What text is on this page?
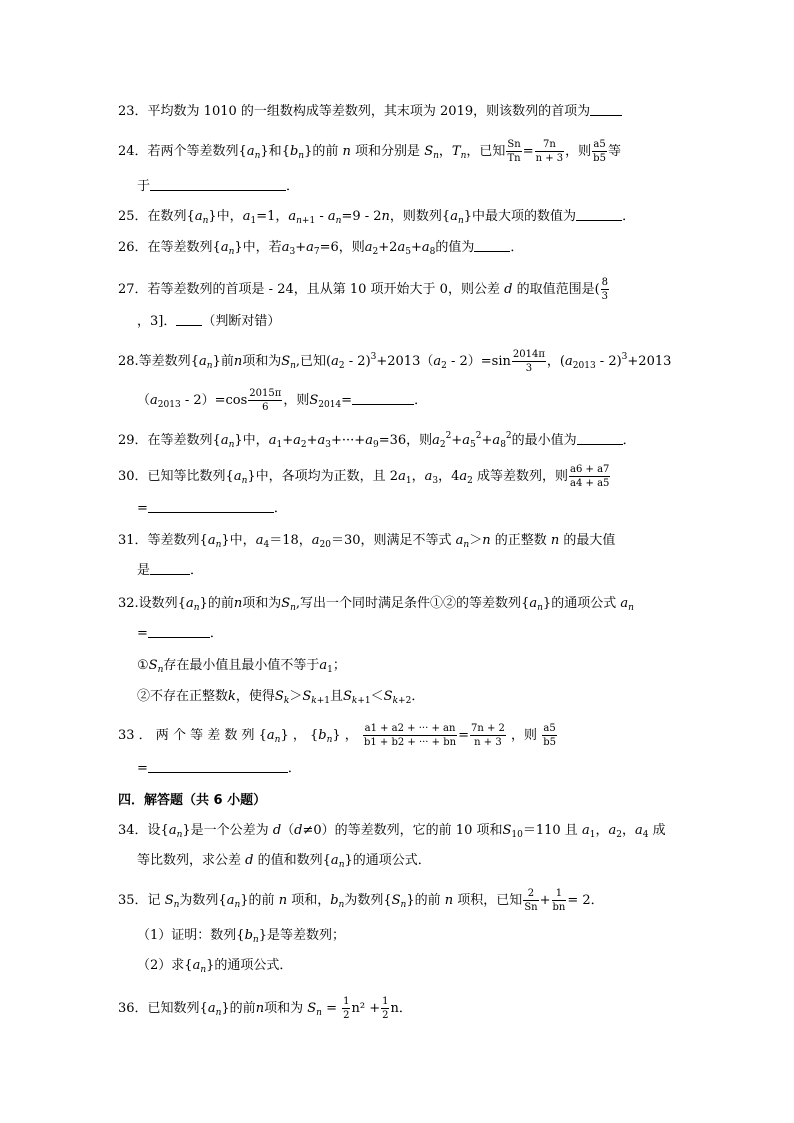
23．平均数为 1010 的一组数构成等差数列，其末项为 2019，则该数列的首项为
24．若两个等差数列$\{a_n\}$和$\{b_n\}$的前 n 项和分别是 $S_n$，$T_n$，已知 $\frac{Sn}{Tn} = \frac{7n}{n + 3}$ ，则 $\frac{a5}{b5}$ 等
于	．
25．在数列$\{a_n\}$中，$a_1=1$，$a_{n+1} - a_n=9 - 2n$，则数列$\{a_n\}$中最大项的数值为	．
26．在等差数列$\{a_n\}$中，若$a_3+a_7=6$，则$a_2+2a_5+a_8$的值为	．
27．若等差数列的首项是 - 24，且从第 10 项开始大于 0，则公差 d 的取值范围是( $\frac{8}{3}$
，3]． （判断对错）
28.等差数列$\{a_n\}$前n项和为$S_n$,已知$(a_2 - 2)^3+2013(a_2 - 2)=\sin \frac{2014\pi}{3}$ ，$(a_{2013} - 2)^3+2013$
$(a_{2013} - 2)=\cos \frac{2015\pi}{6}$ ，则$S_{2014}=$	．
29．在等差数列$\{a_n\}$中，$a_1+a_2+a_3+\cdot\cdot\cdot+a_9=36$，则$a_2^2+a_5^2+a_8^2$的最小值为	．
30．已知等比数列$\{a_n\}$中，各项均为正数，且 $2a_1$，$a_3$，$4a_2$ 成等差数列，则 $\frac{a6 + a7}{a4 + a5}$
=	．
31．等差数列$\{a_n\}$中，$a_4=18$，$a_{20}=30$，则满足不等式 $a_n>n$ 的正整数 n 的最大值
是	．
32.设数列$\{a_n\}$的前n项和为$S_n$,写出一个同时满足条件①②的等差数列$\{a_n\}$的通项公式 $a_n$
=	．
$①S_n$存在最小值且最小值不等于$a_1$；
②不存在正整数k，使得$S_k>S_{k+1}$且$S_{k+1}<S_{k+2}$．
33 ． 两 个 等 差 数 列 $\{a_n\}$ ， $\{b_n\}$ ， $\frac{a1 + a2 + \cdot\cdot\cdot + an}{b1 + b2 + \cdot\cdot\cdot + bn} = \frac{7n + 2}{n + 3}$ ，则 $\frac{a5}{b5}$
=	．
四．解答题（共 6 小题）
34．设$\{a_n\}$是一个公差为 d（d≠0）的等差数列，它的前 10 项和$S_{10}=110$ 且 $a_1$，$a_2$，$a_4$ 成
等比数列，求公差 d 的值和数列$\{a_n\}$的通项公式．
35．记 $S_n$为数列$\{a_n\}$的前 n 项和，$b_n$为数列$\{S_n\}$的前 n 项积，已知 $\frac{2}{Sn} + \frac{1}{bn} = 2$．
（1）证明：数列$\{b_n\}$是等差数列；
（2）求$\{a_n\}$的通项公式．
36．已知数列$\{a_n\}$的前n项和为 $S_n = \frac{1}{2} n^2 + \frac{1}{2}$ n．
